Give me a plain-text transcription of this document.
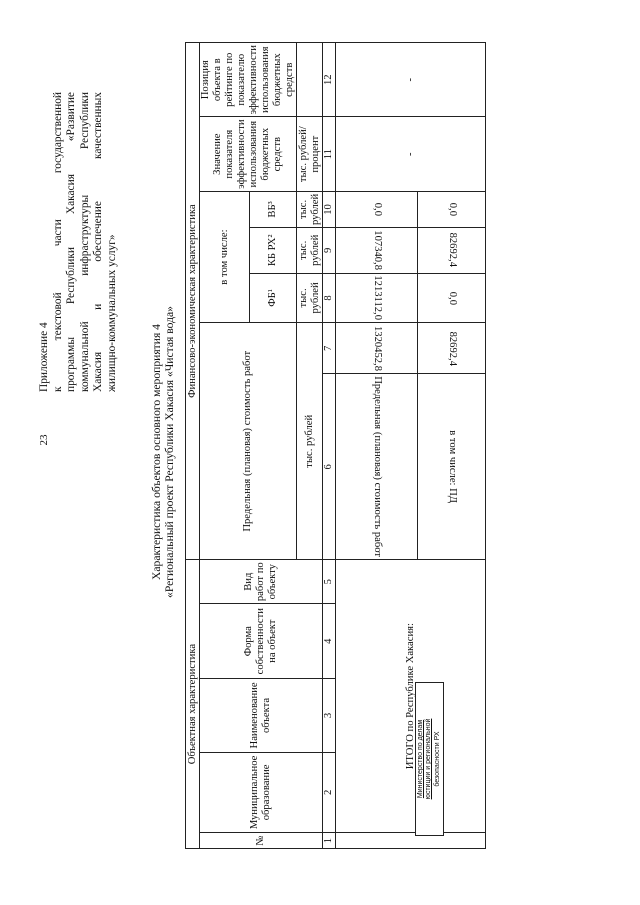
23
Приложение 4 к текстовой части государственной программы Республики Хакасия «Развитие коммунальной инфраструктуры Республики Хакасия и обеспечение качественных жилищно-коммунальных услуг»
Характеристика объектов основного мероприятия 4 «Региональный проект Республики Хакасия «Чистая вода»
Объектная характеристика					Финансово-экономическая характеристика						
№	Муниципальное образование	Наименование объекта	Форма собственности на объект	Вид работ по объекту	Предельная (плановая) стоимость работ		в том числе:			Значение показателя эффективности использования бюджетных средств	Позиция объекта в рейтинге по показателю эффективности использования бюджетных средств
							ФБ¹	КБ РХ²	ВБ³		
					тыс. рублей		тыс. рублей	тыс. рублей	тыс. рублей	тыс. рублей/ процент	
1	2	3	4	5	6	7	8	9	10	11	12
	ИТОГО по Республике Хакасия:				Предельная (плановая) стоимость работ	1320452,8	1213112,0	107340,8	0,0	-	-
					в том числе: ПД	82692,4	0,0	82692,4	0,0		
Министерство по делам юстиции и региональной безопасности РХ
